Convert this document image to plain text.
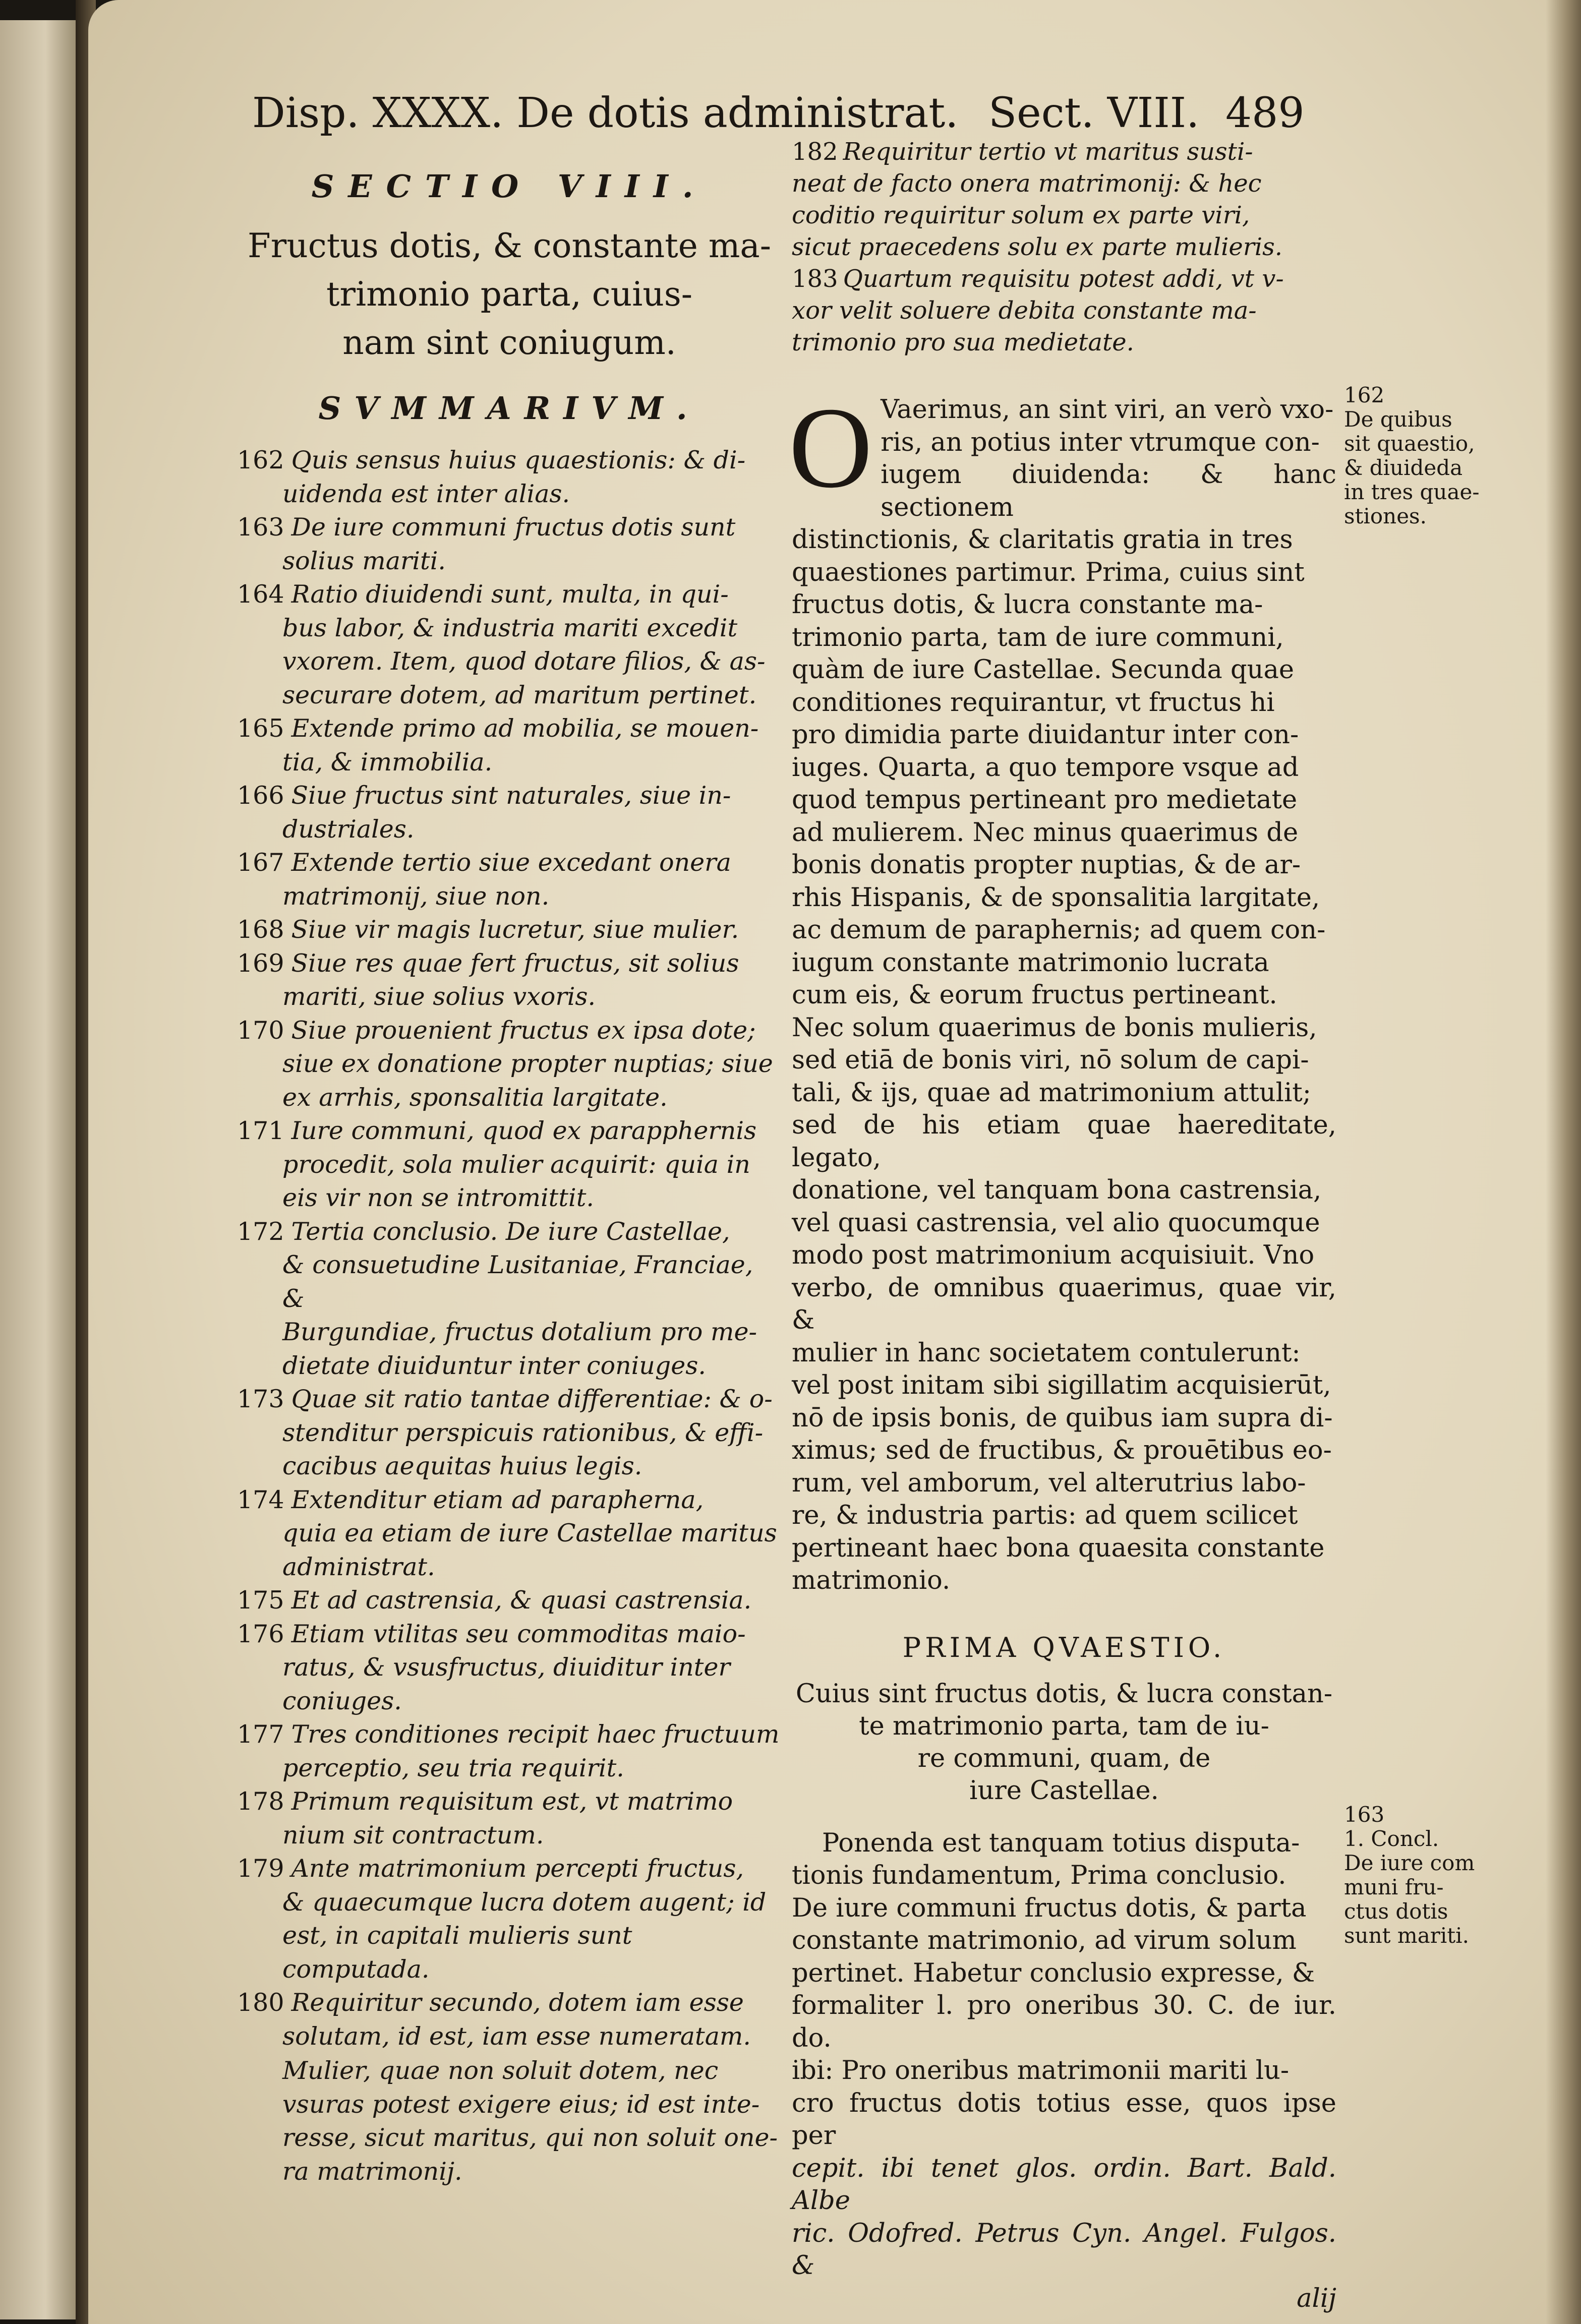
Disp. XXXX. De dotis administrat. Sect. VIII. 489
SECTIO VIII.
Fructus dotis, & constante ma-
trimonio parta, cuius-
nam sint coniugum.
SVMMARIVM.
162 Quis sensus huius quaestionis: & di-
uidenda est inter alias.
163 De iure communi fructus dotis sunt
solius mariti.
164 Ratio diuidendi sunt, multa, in qui-
bus labor, & industria mariti excedit
vxorem. Item, quod dotare filios, & as-
securare dotem, ad maritum pertinet.
165 Extende primo ad mobilia, se mouen-
tia, & immobilia.
166 Siue fructus sint naturales, siue in-
dustriales.
167 Extende tertio siue excedant onera
matrimonij, siue non.
168 Siue vir magis lucretur, siue mulier.
169 Siue res quae fert fructus, sit solius
mariti, siue solius vxoris.
170 Siue prouenient fructus ex ipsa dote;
siue ex donatione propter nuptias; siue
ex arrhis, sponsalitia largitate.
171 Iure communi, quod ex parapphernis
procedit, sola mulier acquirit: quia in
eis vir non se intromittit.
172 Tertia conclusio. De iure Castellae,
& consuetudine Lusitaniae, Franciae, &
Burgundiae, fructus dotalium pro me-
dietate diuiduntur inter coniuges.
173 Quae sit ratio tantae differentiae: & o-
stenditur perspicuis rationibus, & effi-
cacibus aequitas huius legis.
174 Extenditur etiam ad parapherna,
quia ea etiam de iure Castellae maritus
administrat.
175 Et ad castrensia, & quasi castrensia.
176 Etiam vtilitas seu commoditas maio-
ratus, & vsusfructus, diuiditur inter
coniuges.
177 Tres conditiones recipit haec fructuum
perceptio, seu tria requirit.
178 Primum requisitum est, vt matrimo
nium sit contractum.
179 Ante matrimonium percepti fructus,
& quaecumque lucra dotem augent; id
est, in capitali mulieris sunt computada.
180 Requiritur secundo, dotem iam esse
solutam, id est, iam esse numeratam.
Mulier, quae non soluit dotem, nec
vsuras potest exigere eius; id est inte-
resse, sicut maritus, qui non soluit one-
ra matrimonij.
182 Requiritur tertio vt maritus susti-
neat de facto onera matrimonij: & hec
coditio requiritur solum ex parte viri,
sicut praecedens solu ex parte mulieris.
183 Quartum requisitu potest addi, vt v-
xor velit soluere debita constante ma-
trimonio pro sua medietate.
O Vaerimus, an sint viri, an verò vxo-
ris, an potius inter vtrumque con-
iugem diuidenda: & hanc sectionem
distinctionis, & claritatis gratia in tres
quaestiones partimur. Prima, cuius sint
fructus dotis, & lucra constante ma-
trimonio parta, tam de iure communi,
quàm de iure Castellae. Secunda quae
conditiones requirantur, vt fructus hi
pro dimidia parte diuidantur inter con-
iuges. Quarta, a quo tempore vsque ad
quod tempus pertineant pro medietate
ad mulierem. Nec minus quaerimus de
bonis donatis propter nuptias, & de ar-
rhis Hispanis, & de sponsalitia largitate,
ac demum de paraphernis; ad quem con-
iugum constante matrimonio lucrata
cum eis, & eorum fructus pertineant.
Nec solum quaerimus de bonis mulieris,
sed etiā de bonis viri, nō solum de capi-
tali, & ijs, quae ad matrimonium attulit;
sed de his etiam quae haereditate, legato,
donatione, vel tanquam bona castrensia,
vel quasi castrensia, vel alio quocumque
modo post matrimonium acquisiuit. Vno
verbo, de omnibus quaerimus, quae vir, &
mulier in hanc societatem contulerunt:
vel post initam sibi sigillatim acquisierūt,
nō de ipsis bonis, de quibus iam supra di-
ximus; sed de fructibus, & prouētibus eo-
rum, vel amborum, vel alterutrius labo-
re, & industria partis: ad quem scilicet
pertineant haec bona quaesita constante
matrimonio.
PRIMA QVAESTIO.
Cuius sint fructus dotis, & lucra constan-
te matrimonio parta, tam de iu-
re communi, quam, de
iure Castellae.
Ponenda est tanquam totius disputa-
tionis fundamentum, Prima conclusio.
De iure communi fructus dotis, & parta
constante matrimonio, ad virum solum
pertinet. Habetur conclusio expresse, &
formaliter l. pro oneribus 30. C. de iur. do.
ibi: Pro oneribus matrimonii mariti lu-
cro fructus dotis totius esse, quos ipse per
cepit. ibi tenet glos. ordin. Bart. Bald. Albe
ric. Odofred. Petrus Cyn. Angel. Fulgos. &
alij
162
De quibus
sit quaestio,
& diuideda
in tres quae-
stiones.
163
1. Concl.
De iure com
muni fru-
ctus dotis
sunt mariti.
